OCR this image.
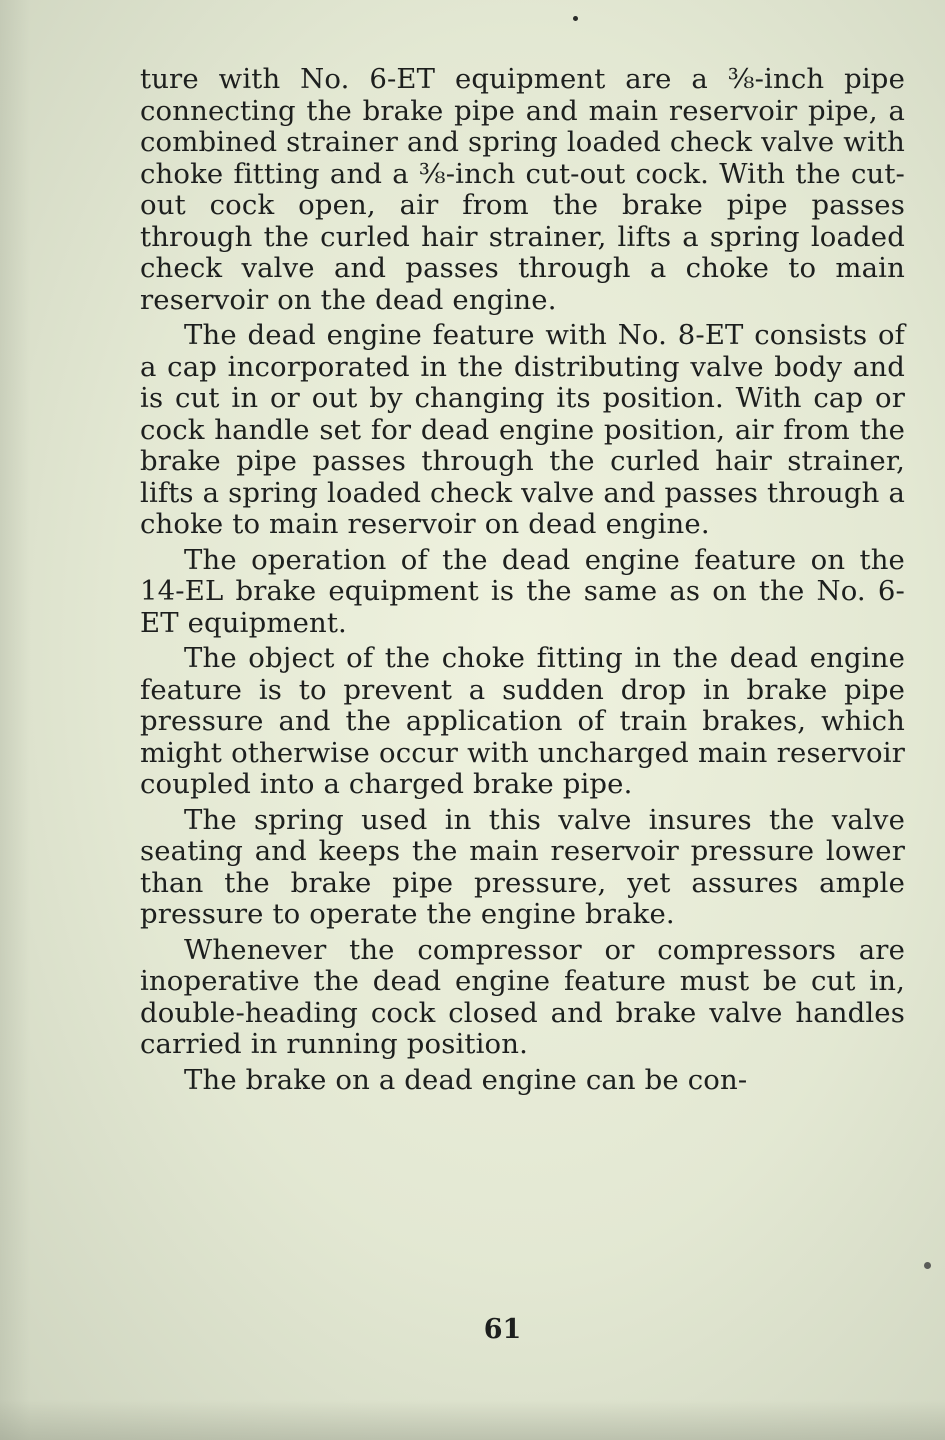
ture with No. 6-ET equipment are a ⅜-inch pipe connecting the brake pipe and main reservoir pipe, a combined strainer and spring loaded check valve with choke fitting and a ⅜-inch cut-out cock. With the cut-out cock open, air from the brake pipe passes through the curled hair strainer, lifts a spring loaded check valve and passes through a choke to main reservoir on the dead engine.

The dead engine feature with No. 8-ET consists of a cap incorporated in the distributing valve body and is cut in or out by changing its position. With cap or cock handle set for dead engine position, air from the brake pipe passes through the curled hair strainer, lifts a spring loaded check valve and passes through a choke to main reservoir on dead engine.

The operation of the dead engine feature on the 14-EL brake equipment is the same as on the No. 6-ET equipment.

The object of the choke fitting in the dead engine feature is to prevent a sudden drop in brake pipe pressure and the application of train brakes, which might otherwise occur with uncharged main reservoir coupled into a charged brake pipe.

The spring used in this valve insures the valve seating and keeps the main reservoir pressure lower than the brake pipe pressure, yet assures ample pressure to operate the engine brake.

Whenever the compressor or compressors are inoperative the dead engine feature must be cut in, double-heading cock closed and brake valve handles carried in running position.

The brake on a dead engine can be con-

61
